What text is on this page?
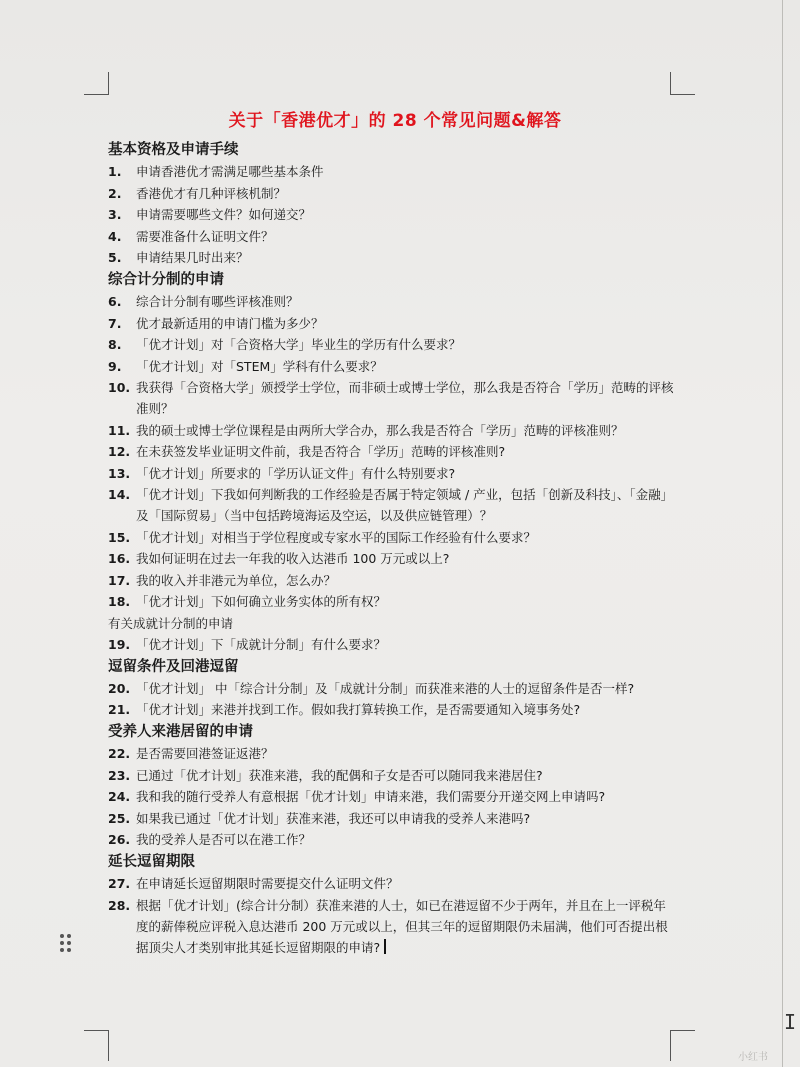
关于「香港优才」的 28 个常见问题&解答
基本资格及申请手续
1.	申请香港优才需满足哪些基本条件
2.	香港优才有几种评核机制？
3.	申请需要哪些文件？如何递交？
4.	需要准备什么证明文件？
5.	申请结果几时出来？
综合计分制的申请
6.	综合计分制有哪些评核准则？
7.	优才最新适用的申请门槛为多少？
8.	「优才计划」对「合资格大学」毕业生的学历有什么要求？
9.	「优才计划」对「STEM」学科有什么要求？
10. 我获得「合资格大学」颁授学士学位，而非硕士或博士学位，那么我是否符合「学历」范畴的评核准则？
11. 我的硕士或博士学位课程是由两所大学合办，那么我是否符合「学历」范畴的评核准则？
12. 在未获签发毕业证明文件前，我是否符合「学历」范畴的评核准则?
13. 「优才计划」所要求的「学历认证文件」有什么特别要求?
14. 「优才计划」下我如何判断我的工作经验是否属于特定领域 / 产业，包括「创新及科技」、「金融」及「国际贸易」（当中包括跨境海运及空运，以及供应链管理）？
15. 「优才计划」对相当于学位程度或专家水平的国际工作经验有什么要求？
16. 我如何证明在过去一年我的收入达港币 100 万元或以上?
17. 我的收入并非港元为单位，怎么办？
18. 「优才计划」下如何确立业务实体的所有权？
有关成就计分制的申请
19. 「优才计划」下「成就计分制」有什么要求？
逗留条件及回港逗留
20. 「优才计划」 中「综合计分制」及「成就计分制」而获准来港的人士的逗留条件是否一样?
21. 「优才计划」来港并找到工作。假如我打算转换工作，是否需要通知入境事务处?
受养人来港居留的申请
22. 是否需要回港签证返港？
23. 已通过「优才计划」获准来港，我的配偶和子女是否可以随同我来港居住?
24. 我和我的随行受养人有意根据「优才计划」申请来港，我们需要分开递交网上申请吗?
25. 如果我已通过「优才计划」获准来港，我还可以申请我的受养人来港吗?
26. 我的受养人是否可以在港工作？
延长逗留期限
27. 在申请延长逗留期限时需要提交什么证明文件？
28. 根据「优才计划」(综合计分制）获准来港的人士，如已在港逗留不少于两年，并且在上一评税年度的薪俸税应评税入息达港币 200 万元或以上，但其三年的逗留期限仍未届满，他们可否提出根据顶尖人才类别审批其延长逗留期限的申请?
I
小红书
